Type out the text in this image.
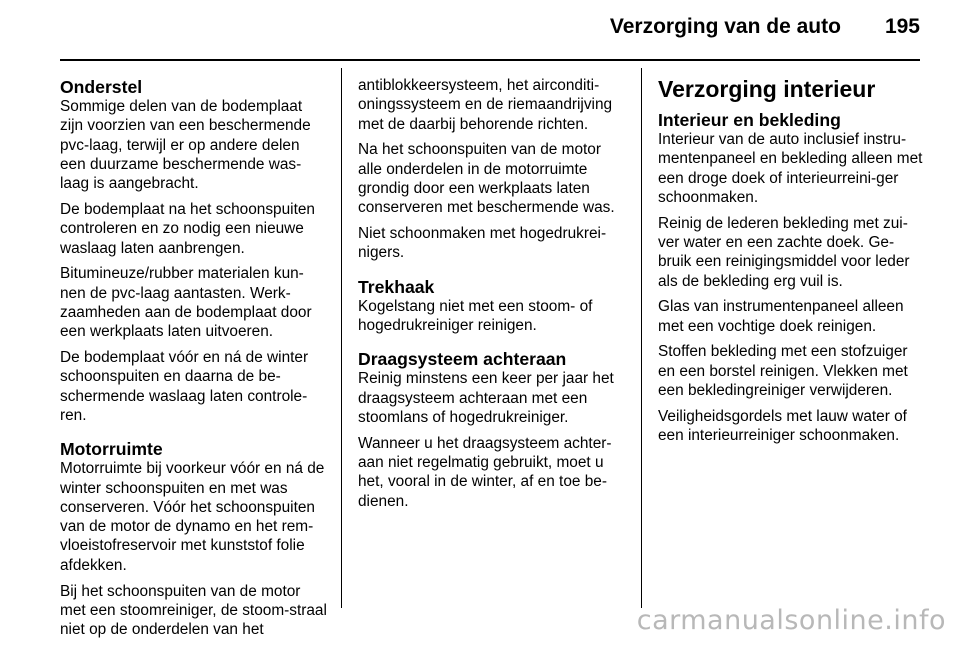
Verzorging van de auto 195
Onderstel

Sommige delen van de bodemplaat zijn voorzien van een beschermende pvc-laag, terwijl er op andere delen een duurzame beschermende was-laag is aangebracht.

De bodemplaat na het schoonspuiten controleren en zo nodig een nieuwe waslaag laten aanbrengen.

Bitumineuze/rubber materialen kun-nen de pvc-laag aantasten. Werk-zaamheden aan de bodemplaat door een werkplaats laten uitvoeren.

De bodemplaat vóór en ná de winter schoonspuiten en daarna de be-schermende waslaag laten controle-ren.

Motorruimte

Motorruimte bij voorkeur vóór en ná de winter schoonspuiten en met was conserveren. Vóór het schoonspuiten van de motor de dynamo en het rem-vloeistofreservoir met kunststof folie afdekken.

Bij het schoonspuiten van de motor met een stoomreiniger, de stoom-straal niet op de onderdelen van het

antiblokkeersysteem, het airconditi-oningssysteem en de riemaandrijving met de daarbij behorende richten.

Na het schoonspuiten van de motor alle onderdelen in de motorruimte grondig door een werkplaats laten conserveren met beschermende was.

Niet schoonmaken met hogedrukrei-nigers.

Trekhaak

Kogelstang niet met een stoom- of hogedrukreiniger reinigen.

Draagsysteem achteraan

Reinig minstens een keer per jaar het draagsysteem achteraan met een stoomlans of hogedrukreiniger.

Wanneer u het draagsysteem achter-aan niet regelmatig gebruikt, moet u het, vooral in de winter, af en toe be-dienen.

Verzorging interieur
Interieur en bekleding

Interieur van de auto inclusief instru-mentenpaneel en bekleding alleen met een droge doek of interieurreini-ger schoonmaken.

Reinig de lederen bekleding met zui-ver water en een zachte doek. Ge-bruik een reinigingsmiddel voor leder als de bekleding erg vuil is.

Glas van instrumentenpaneel alleen met een vochtige doek reinigen.

Stoffen bekleding met een stofzuiger en een borstel reinigen. Vlekken met een bekledingreiniger verwijderen.

Veiligheidsgordels met lauw water of een interieurreiniger schoonmaken.

carmanualsonline.info
